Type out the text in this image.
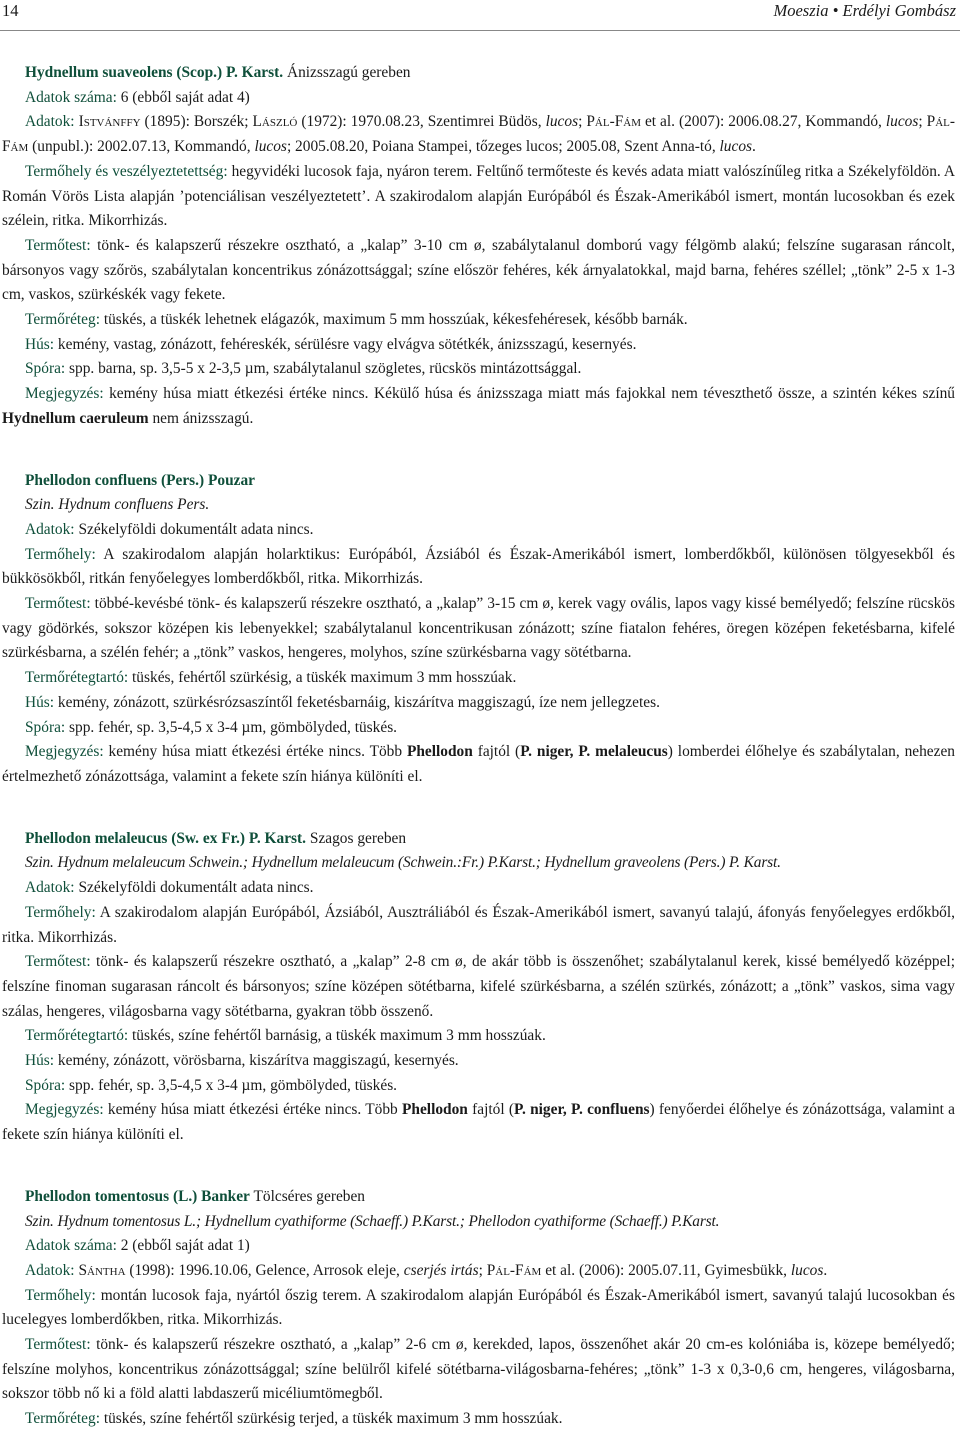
14	Moeszia • Erdélyi Gombász

Hydnellum suaveolens (Scop.) P. Karst. Ánizsszagú gereben

Adatok száma: 6 (ebből saját adat 4)

Adatok: Istvánffy (1895): Borszék; László (1972): 1970.08.23, Szentimrei Büdös, lucos; Pál-Fám et al. (2007): 2006.08.27, Kommandó, lucos; Pál-Fám (unpubl.): 2002.07.13, Kommandó, lucos; 2005.08.20, Poiana Stampei, tőzeges lucos; 2005.08, Szent Anna-tó, lucos.

Termőhely és veszélyeztetettség: hegyvidéki lucosok faja, nyáron terem. Feltűnő termőteste és kevés adata miatt valószínűleg ritka a Székelyföldön. A Román Vörös Lista alapján ’potenciálisan veszélyeztetett’. A szakirodalom alapján Európából és Észak-Amerikából ismert, montán lucosokban és ezek szélein, ritka. Mikorrhizás.

Termőtest: tönk- és kalapszerű részekre osztható, a „kalap” 3-10 cm ø, szabálytalanul domború vagy félgömb alakú; felszíne sugarasan ráncolt, bársonyos vagy szőrös, szabálytalan koncentrikus zónázottsággal; színe először fehéres, kék árnyalatokkal, majd barna, fehéres széllel; „tönk” 2-5 x 1-3 cm, vaskos, szürkéskék vagy fekete.

Termőréteg: tüskés, a tüskék lehetnek elágazók, maximum 5 mm hosszúak, kékesfehéresek, később barnák.

Hús: kemény, vastag, zónázott, fehéreskék, sérülésre vagy elvágva sötétkék, ánizsszagú, kesernyés.

Spóra: spp. barna, sp. 3,5-5 x 2-3,5 µm, szabálytalanul szögletes, rücskös mintázottsággal.

Megjegyzés: kemény húsa miatt étkezési értéke nincs. Kékülő húsa és ánizsszaga miatt más fajokkal nem téveszthető össze, a szintén kékes színű Hydnellum caeruleum nem ánizsszagú.

Phellodon confluens (Pers.) Pouzar

Szin. Hydnum confluens Pers.

Adatok: Székelyföldi dokumentált adata nincs.

Termőhely: A szakirodalom alapján holarktikus: Európából, Ázsiából és Észak-Amerikából ismert, lomberdőkből, különösen tölgyesekből és bükkösökből, ritkán fenyőelegyes lomberdőkből, ritka. Mikorrhizás.

Termőtest: többé-kevésbé tönk- és kalapszerű részekre osztható, a „kalap” 3-15 cm ø, kerek vagy ovális, lapos vagy kissé bemélyedő; felszíne rücskös vagy gödörkés, sokszor középen kis lebenyekkel; szabálytalanul koncentrikusan zónázott; színe fiatalon fehéres, öregen középen feketésbarna, kifelé szürkésbarna, a szélén fehér; a „tönk” vaskos, hengeres, molyhos, színe szürkésbarna vagy sötétbarna.

Termőrétegtartó: tüskés, fehértől szürkésig, a tüskék maximum 3 mm hosszúak.

Hús: kemény, zónázott, szürkésrózsaszíntől feketésbarnáig, kiszárítva maggiszagú, íze nem jellegzetes.

Spóra: spp. fehér, sp. 3,5-4,5 x 3-4 µm, gömbölyded, tüskés.

Megjegyzés: kemény húsa miatt étkezési értéke nincs. Több Phellodon fajtól (P. niger, P. melaleucus) lomberdei élőhelye és szabálytalan, nehezen értelmezhető zónázottsága, valamint a fekete szín hiánya különíti el.

Phellodon melaleucus (Sw. ex Fr.) P. Karst. Szagos gereben

Szin. Hydnum melaleucum Schwein.; Hydnellum melaleucum (Schwein.:Fr.) P.Karst.; Hydnellum graveolens (Pers.) P. Karst.

Adatok: Székelyföldi dokumentált adata nincs.

Termőhely: A szakirodalom alapján Európából, Ázsiából, Ausztráliából és Észak-Amerikából ismert, savanyú talajú, áfonyás fenyőelegyes erdőkből, ritka. Mikorrhizás.

Termőtest: tönk- és kalapszerű részekre osztható, a „kalap” 2-8 cm ø, de akár több is összenőhet; szabálytalanul kerek, kissé bemélyedő középpel; felszíne finoman sugarasan ráncolt és bársonyos; színe középen sötétbarna, kifelé szürkésbarna, a szélén szürkés, zónázott; a „tönk” vaskos, sima vagy szálas, hengeres, világosbarna vagy sötétbarna, gyakran több összenő.

Termőrétegtartó: tüskés, színe fehértől barnásig, a tüskék maximum 3 mm hosszúak.

Hús: kemény, zónázott, vörösbarna, kiszárítva maggiszagú, kesernyés.

Spóra: spp. fehér, sp. 3,5-4,5 x 3-4 µm, gömbölyded, tüskés.

Megjegyzés: kemény húsa miatt étkezési értéke nincs. Több Phellodon fajtól (P. niger, P. confluens) fenyőerdei élőhelye és zónázottsága, valamint a fekete szín hiánya különíti el.

Phellodon tomentosus (L.) Banker Tölcséres gereben

Szin. Hydnum tomentosus L.; Hydnellum cyathiforme (Schaeff.) P.Karst.; Phellodon cyathiforme (Schaeff.) P.Karst.

Adatok száma: 2 (ebből saját adat 1)

Adatok: Sántha (1998): 1996.10.06, Gelence, Arrosok eleje, cserjés irtás; Pál-Fám et al. (2006): 2005.07.11, Gyimesbükk, lucos.

Termőhely: montán lucosok faja, nyártól őszig terem. A szakirodalom alapján Európából és Észak-Amerikából ismert, savanyú talajú lucosokban és lucelegyes lomberdőkben, ritka. Mikorrhizás.

Termőtest: tönk- és kalapszerű részekre osztható, a „kalap” 2-6 cm ø, kerekded, lapos, összenőhet akár 20 cm-es kolóniába is, közepe bemélyedő; felszíne molyhos, koncentrikus zónázottsággal; színe belülről kifelé sötétbarna-világosbarna-fehéres; „tönk” 1-3 x 0,3-0,6 cm, hengeres, világosbarna, sokszor több nő ki a föld alatti labdaszerű micéliumtömegből.

Termőréteg: tüskés, színe fehértől szürkésig terjed, a tüskék maximum 3 mm hosszúak.
